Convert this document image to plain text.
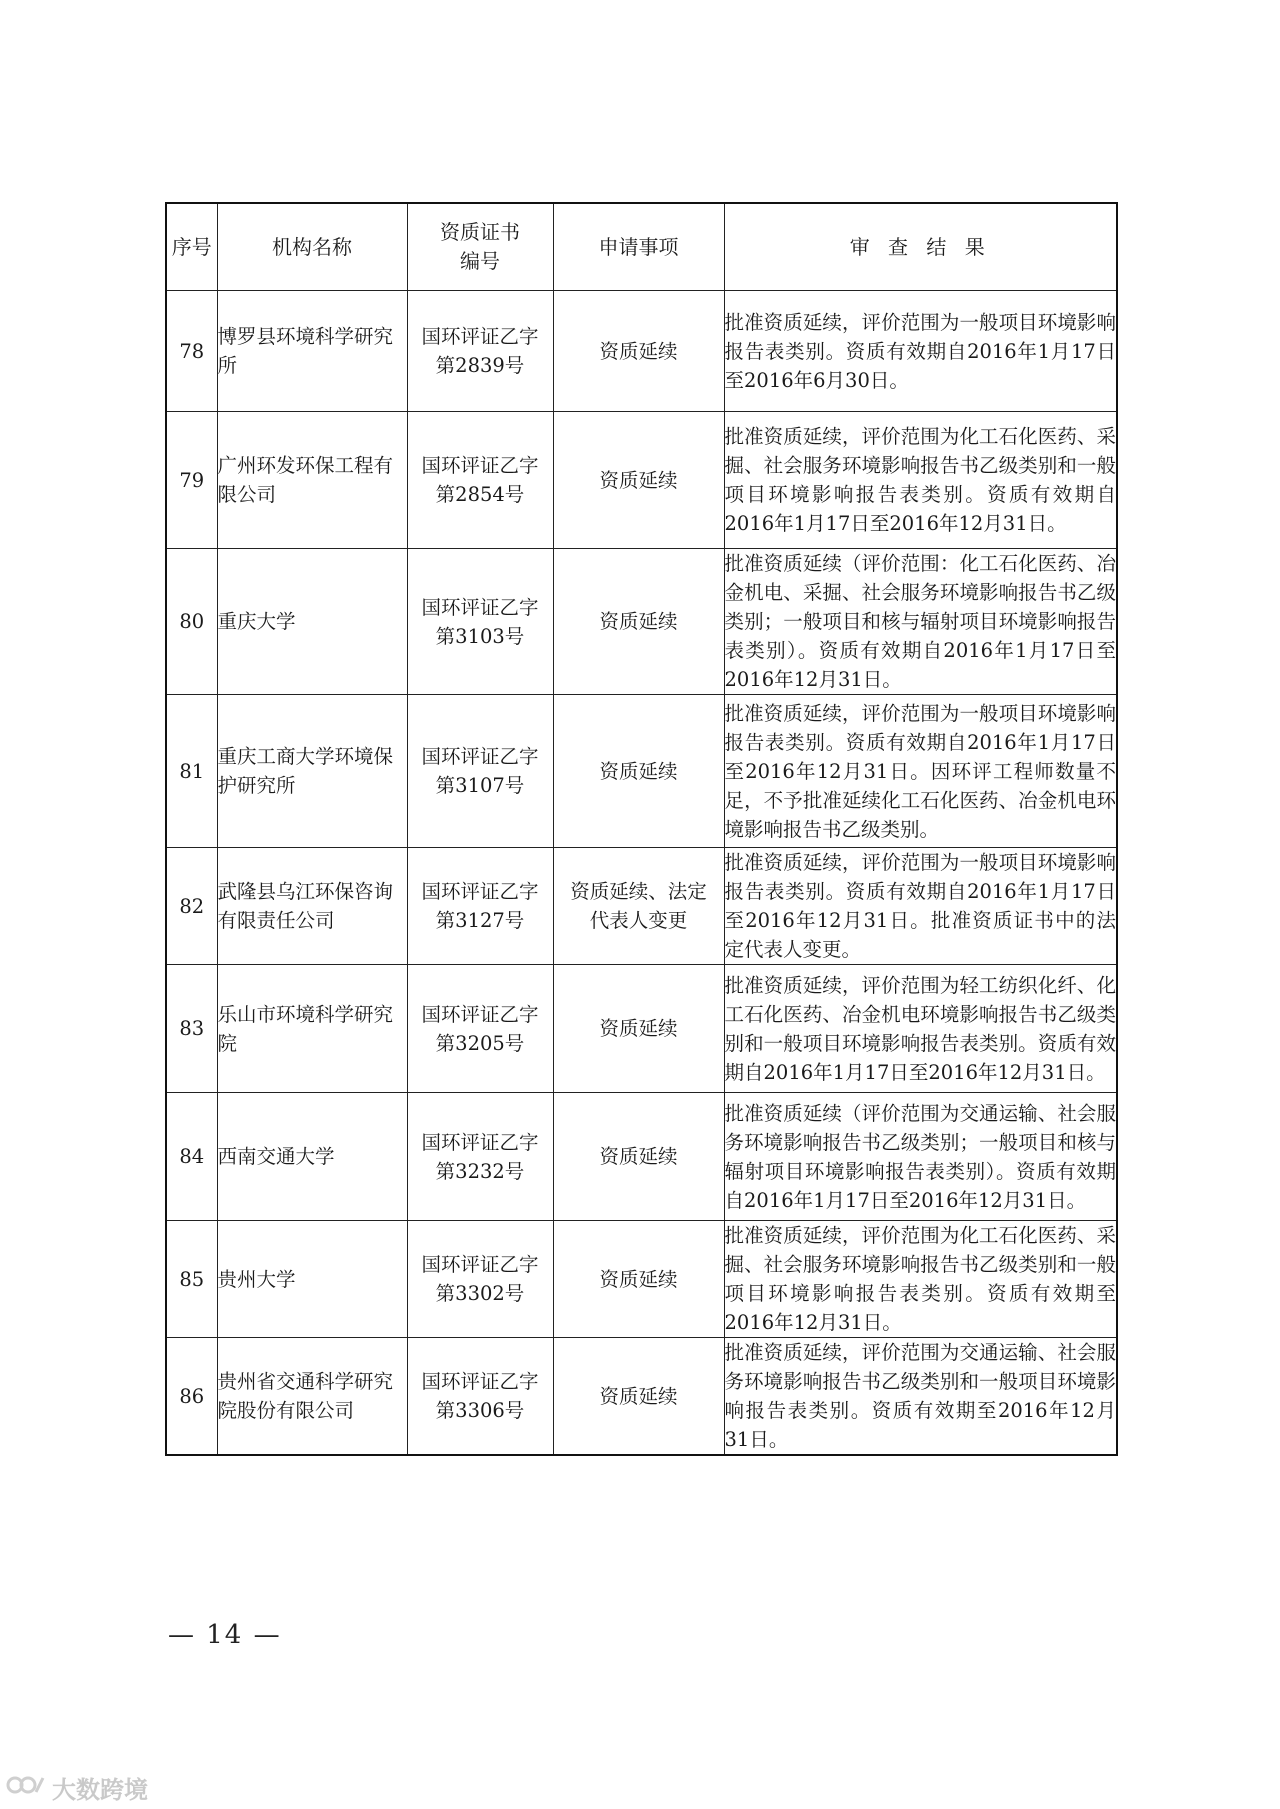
序号	机构名称	资质证书编号	申请事项	审 查 结 果

78	博罗县环境科学研究所	国环评证乙字第2839号	资质延续	批准资质延续，评价范围为一般项目环境影响报告表类别。资质有效期自2016年1月17日至2016年6月30日。

79	广州环发环保工程有限公司	国环评证乙字第2854号	资质延续	批准资质延续，评价范围为化工石化医药、采掘、社会服务环境影响报告书乙级类别和一般项目环境影响报告表类别。资质有效期自2016年1月17日至2016年12月31日。

80	重庆大学	国环评证乙字第3103号	资质延续	批准资质延续（评价范围：化工石化医药、冶金机电、采掘、社会服务环境影响报告书乙级类别；一般项目和核与辐射项目环境影响报告表类别）。资质有效期自2016年1月17日至2016年12月31日。

81	重庆工商大学环境保护研究所	国环评证乙字第3107号	资质延续	批准资质延续，评价范围为一般项目环境影响报告表类别。资质有效期自2016年1月17日至2016年12月31日。因环评工程师数量不足，不予批准延续化工石化医药、冶金机电环境影响报告书乙级类别。

82	武隆县乌江环保咨询有限责任公司	国环评证乙字第3127号	资质延续、法定代表人变更	批准资质延续，评价范围为一般项目环境影响报告表类别。资质有效期自2016年1月17日至2016年12月31日。批准资质证书中的法定代表人变更。

83	乐山市环境科学研究院	国环评证乙字第3205号	资质延续	批准资质延续，评价范围为轻工纺织化纤、化工石化医药、冶金机电环境影响报告书乙级类别和一般项目环境影响报告表类别。资质有效期自2016年1月17日至2016年12月31日。

84	西南交通大学	国环评证乙字第3232号	资质延续	批准资质延续（评价范围为交通运输、社会服务环境影响报告书乙级类别；一般项目和核与辐射项目环境影响报告表类别）。资质有效期自2016年1月17日至2016年12月31日。

85	贵州大学	国环评证乙字第3302号	资质延续	批准资质延续，评价范围为化工石化医药、采掘、社会服务环境影响报告书乙级类别和一般项目环境影响报告表类别。资质有效期至2016年12月31日。

86	贵州省交通科学研究院股份有限公司	国环评证乙字第3306号	资质延续	批准资质延续，评价范围为交通运输、社会服务环境影响报告书乙级类别和一般项目环境影响报告表类别。资质有效期至2016年12月31日。
— 14 —
大数跨境
